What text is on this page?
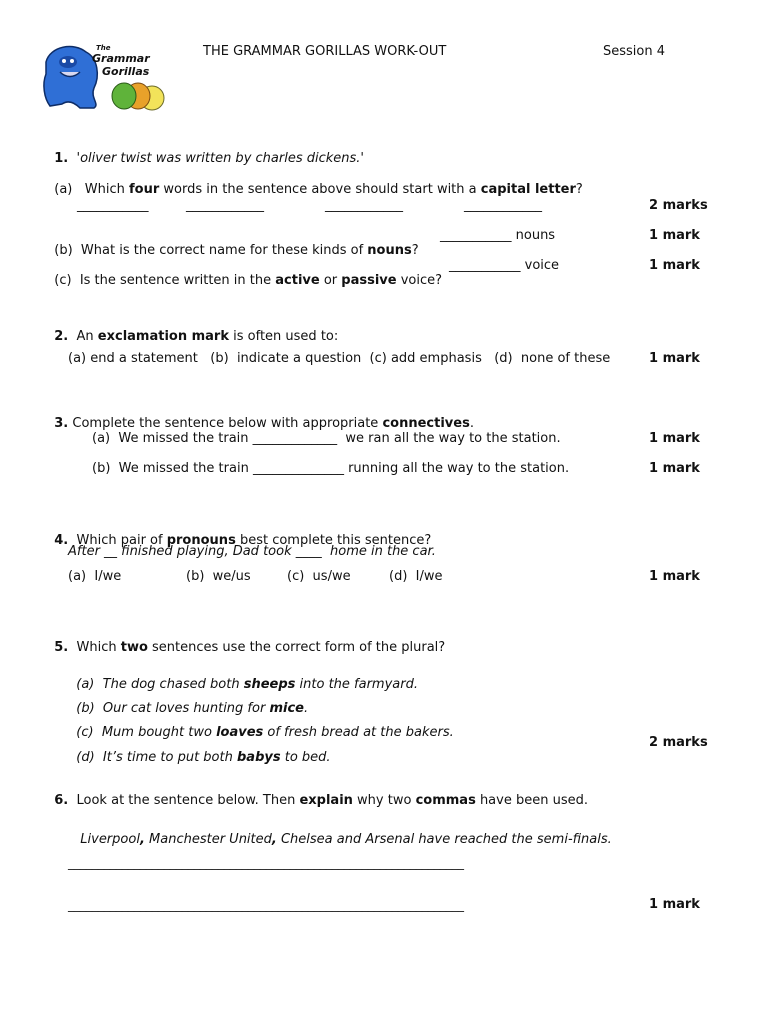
The
Grammar
Gorillas
THE GRAMMAR GORILLAS WORK-OUT	Session 4

1. 'oliver twist was written by charles dickens.'

(a)   Which four words in the sentence above should start with a capital letter?

___________	____________	____________	____________	2 marks

(b)  What is the correct name for these kinds of nouns?

___________ nouns	1 mark

(c)  Is the sentence written in the active or passive voice?

___________ voice	1 mark

2. An exclamation mark is often used to:

(a) end a statement   (b)  indicate a question  (c) add emphasis   (d)  none of these	1 mark

3. Complete the sentence below with appropriate connectives.

(a)  We missed the train _____________  we ran all the way to the station.	1 mark
(b)  We missed the train ______________ running all the way to the station.	1 mark

4. Which pair of pronouns best complete this sentence?

After __ finished playing, Dad took ____  home in the car.
(a)  I/we	(b)  we/us	(c)  us/we	(d)  I/we	1 mark

5. Which two sentences use the correct form of the plural?

(a)  The dog chased both sheeps into the farmyard.

(b)  Our cat loves hunting for mice.

(c)  Mum bought two loaves of fresh bread at the bakers.

(d)  It’s time to put both babys to bed.

2 marks

6. Look at the sentence below. Then explain why two commas have been used.

Liverpool, Manchester United, Chelsea and Arsenal have reached the semi-finals.

__________________________________________________________________
__________________________________________________________________	1 mark
